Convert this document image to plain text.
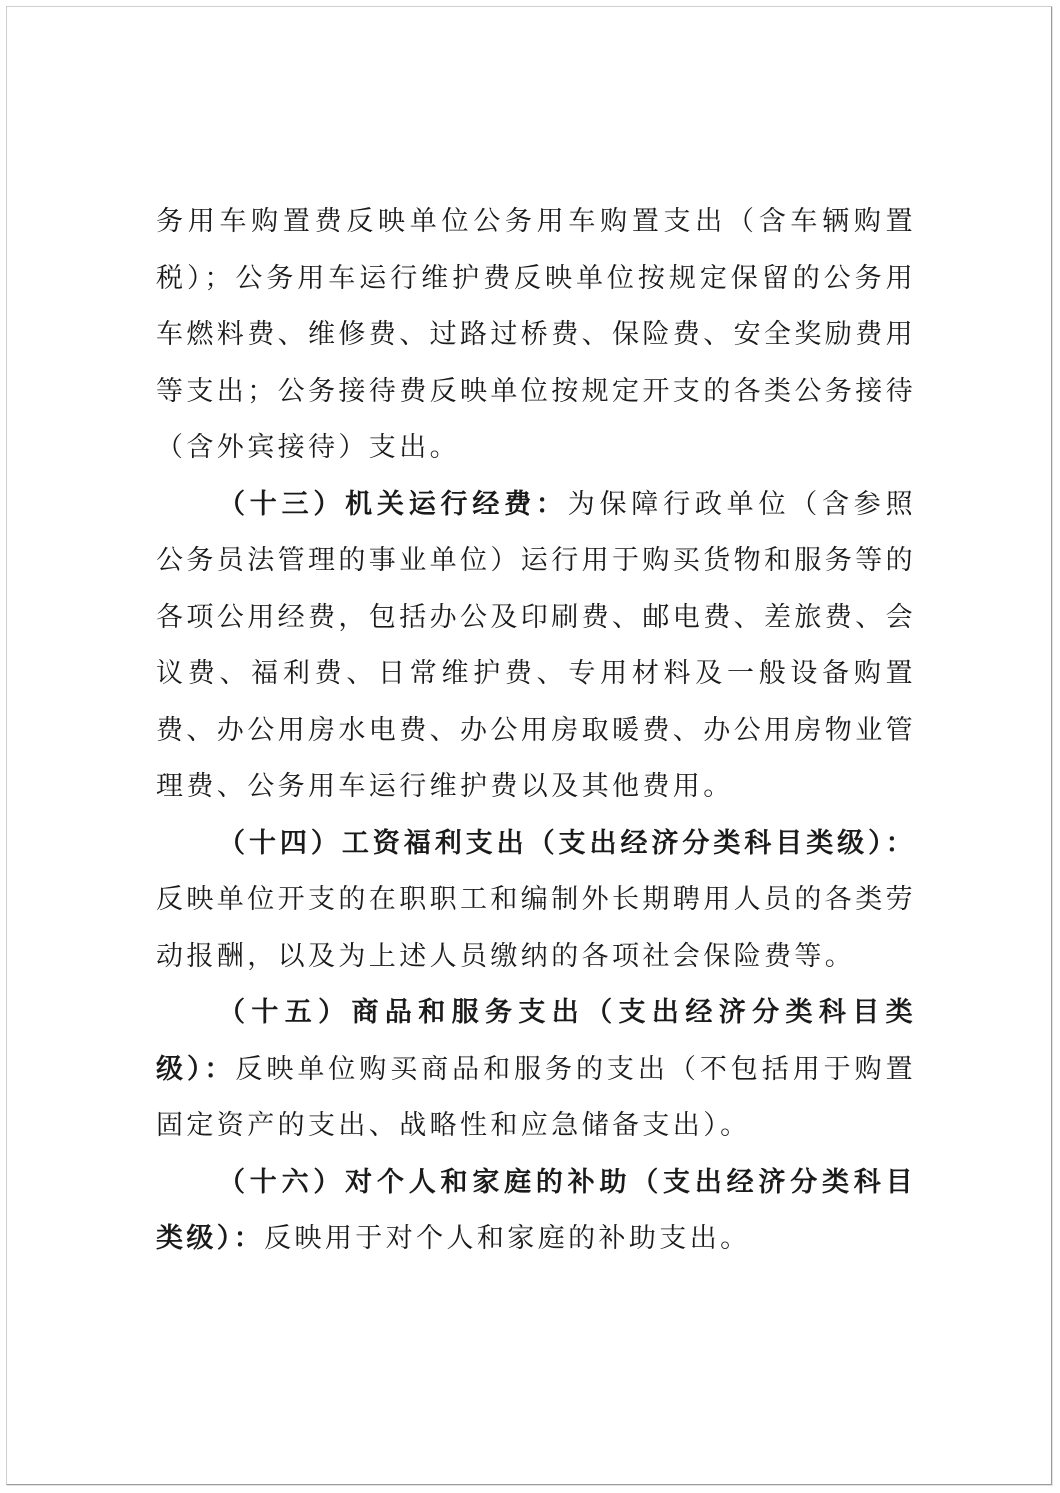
务用车购置费反映单位公务用车购置支出（含车辆购置税）；公务用车运行维护费反映单位按规定保留的公务用车燃料费、维修费、过路过桥费、保险费、安全奖励费用等支出；公务接待费反映单位按规定开支的各类公务接待（含外宾接待）支出。

（十三）机关运行经费：为保障行政单位（含参照公务员法管理的事业单位）运行用于购买货物和服务等的各项公用经费，包括办公及印刷费、邮电费、差旅费、会议费、福利费、日常维护费、专用材料及一般设备购置费、办公用房水电费、办公用房取暖费、办公用房物业管理费、公务用车运行维护费以及其他费用。

（十四）工资福利支出（支出经济分类科目类级）：反映单位开支的在职职工和编制外长期聘用人员的各类劳动报酬，以及为上述人员缴纳的各项社会保险费等。

（十五）商品和服务支出（支出经济分类科目类级）：反映单位购买商品和服务的支出（不包括用于购置固定资产的支出、战略性和应急储备支出）。

（十六）对个人和家庭的补助（支出经济分类科目类级）：反映用于对个人和家庭的补助支出。
